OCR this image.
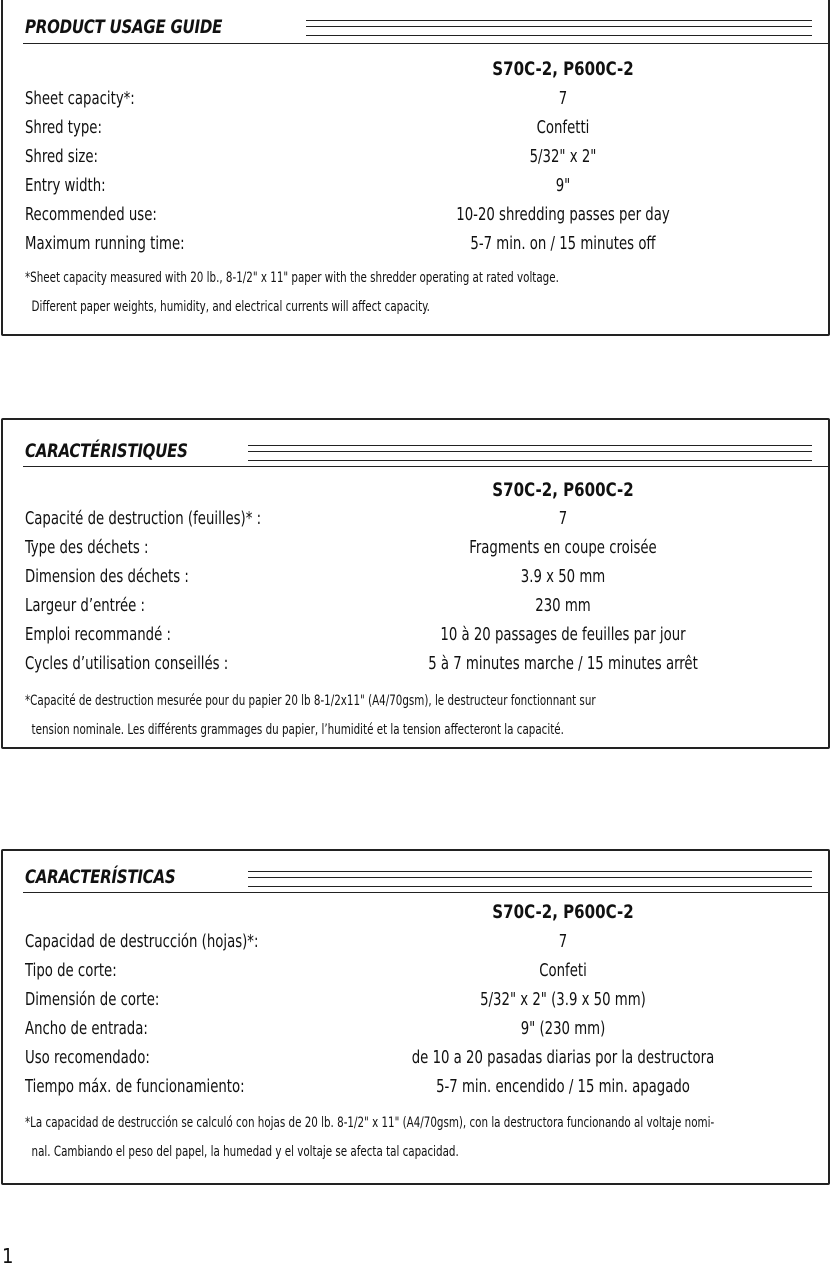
PRODUCT USAGE GUIDE
S70C-2, P600C-2
Sheet capacity*:	7
Shred type:	Confetti
Shred size:	5/32" x 2"
Entry width:	9"
Recommended use:	10-20 shredding passes per day
Maximum running time:	5-7 min. on / 15 minutes off
*Sheet capacity measured with 20 lb., 8-1/2" x 11" paper with the shredder operating at rated voltage.
Different paper weights, humidity, and electrical currents will affect capacity.
CARACTÉRISTIQUES
S70C-2, P600C-2
Capacité de destruction (feuilles)* :	7
Type des déchets :	Fragments en coupe croisée
Dimension des déchets :	3.9 x 50 mm
Largeur d’entrée :	230 mm
Emploi recommandé :	10 à 20 passages de feuilles par jour
Cycles d’utilisation conseillés :	5 à 7 minutes marche / 15 minutes arrêt
*Capacité de destruction mesurée pour du papier 20 lb 8-1/2x11" (A4/70gsm), le destructeur fonctionnant sur
tension nominale. Les différents grammages du papier, l’humidité et la tension affecteront la capacité.
CARACTERÍSTICAS
S70C-2, P600C-2
Capacidad de destrucción (hojas)*:	7
Tipo de corte:	Confeti
Dimensión de corte:	5/32" x 2" (3.9 x 50 mm)
Ancho de entrada:	9" (230 mm)
Uso recomendado:	de 10 a 20 pasadas diarias por la destructora
Tiempo máx. de funcionamiento:	5-7 min. encendido / 15 min. apagado
*La capacidad de destrucción se calculó con hojas de 20 lb. 8-1/2" x 11" (A4/70gsm), con la destructora funcionando al voltaje nomi-
nal. Cambiando el peso del papel, la humedad y el voltaje se afecta tal capacidad.
1
